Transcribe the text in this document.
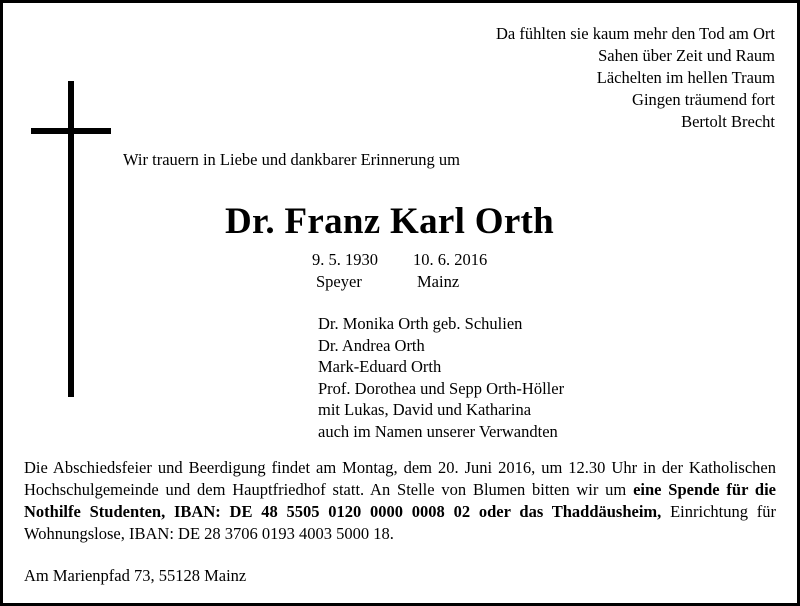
Da fühlten sie kaum mehr den Tod am Ort
Sahen über Zeit und Raum
Lächelten im hellen Traum
Gingen träumend fort
Bertolt Brecht
Wir trauern in Liebe und dankbarer Erinnerung um
Dr. Franz Karl Orth
9. 5. 1930
Speyer
10. 6. 2016
Mainz
Dr. Monika Orth geb. Schulien
Dr. Andrea Orth
Mark-Eduard Orth
Prof. Dorothea und Sepp Orth-Höller
mit Lukas, David und Katharina
auch im Namen unserer Verwandten
Die Abschiedsfeier und Beerdigung findet am Montag, dem 20. Juni 2016, um 12.30 Uhr in der Katholischen Hochschulgemeinde und dem Hauptfriedhof statt. An Stelle von Blumen bitten wir um eine Spende für die Nothilfe Studenten, IBAN: DE 48 5505 0120 0000 0008 02 oder das Thaddäusheim, Einrichtung für Wohnungslose, IBAN: DE 28 3706 0193 4003 5000 18.
Am Marienpfad 73, 55128 Mainz
